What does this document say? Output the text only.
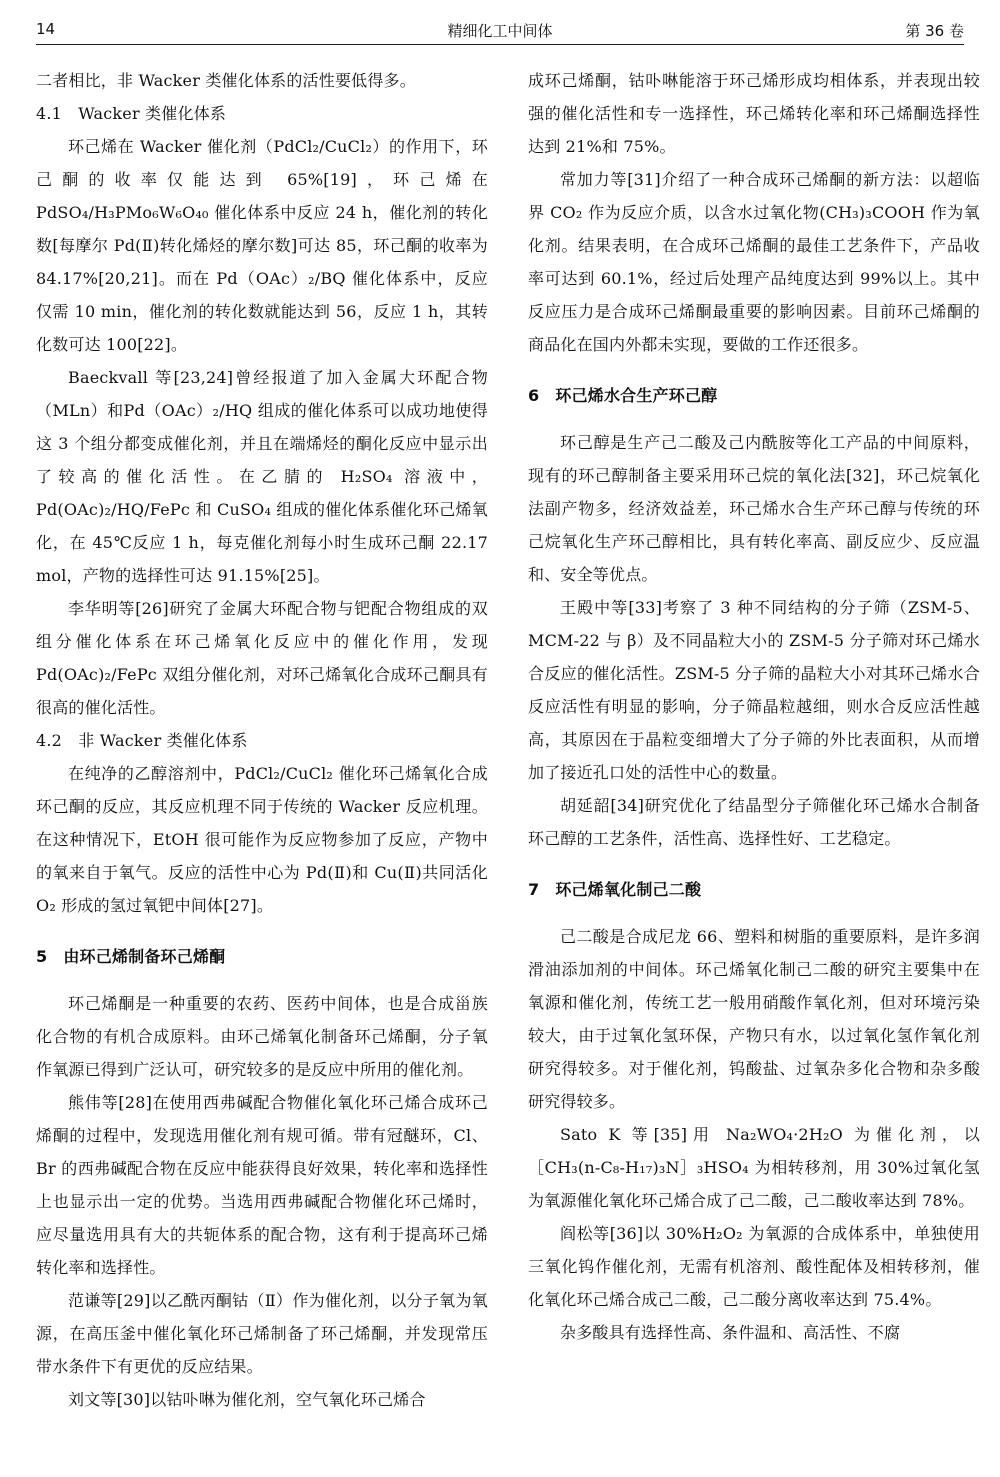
14	精细化工中间体	第 36 卷

二者相比，非 Wacker 类催化体系的活性要低得多。

4.1　Wacker 类催化体系

环己烯在 Wacker 催化剂（PdCl₂/CuCl₂）的作用下，环己酮的收率仅能达到 65%[19]，环己烯在 PdSO₄/H₃PMo₆W₆O₄₀ 催化体系中反应 24 h，催化剂的转化数[每摩尔 Pd(Ⅱ)转化烯烃的摩尔数]可达 85，环己酮的收率为 84.17%[20,21]。而在 Pd（OAc）₂/BQ 催化体系中，反应仅需 10 min，催化剂的转化数就能达到 56，反应 1 h，其转化数可达 100[22]。

Baeckvall 等[23,24]曾经报道了加入金属大环配合物（MLn）和Pd（OAc）₂/HQ 组成的催化体系可以成功地使得这 3 个组分都变成催化剂，并且在端烯烃的酮化反应中显示出了较高的催化活性。在乙腈的 H₂SO₄ 溶液中，Pd(OAc)₂/HQ/FePc 和 CuSO₄ 组成的催化体系催化环己烯氧化，在 45℃反应 1 h，每克催化剂每小时生成环己酮 22.17 mol，产物的选择性可达 91.15%[25]。

李华明等[26]研究了金属大环配合物与钯配合物组成的双组分催化体系在环己烯氧化反应中的催化作用，发现 Pd(OAc)₂/FePc 双组分催化剂，对环己烯氧化合成环己酮具有很高的催化活性。

4.2　非 Wacker 类催化体系

在纯净的乙醇溶剂中，PdCl₂/CuCl₂ 催化环己烯氧化合成环己酮的反应，其反应机理不同于传统的 Wacker 反应机理。在这种情况下，EtOH 很可能作为反应物参加了反应，产物中的氧来自于氧气。反应的活性中心为 Pd(Ⅱ)和 Cu(Ⅱ)共同活化 O₂ 形成的氢过氧钯中间体[27]。

5 由环己烯制备环己烯酮

环己烯酮是一种重要的农药、医药中间体，也是合成甾族化合物的有机合成原料。由环己烯氧化制备环己烯酮，分子氧作氧源已得到广泛认可，研究较多的是反应中所用的催化剂。

熊伟等[28]在使用西弗碱配合物催化氧化环己烯合成环己烯酮的过程中，发现选用催化剂有规可循。带有冠醚环，Cl、Br 的西弗碱配合物在反应中能获得良好效果，转化率和选择性上也显示出一定的优势。当选用西弗碱配合物催化环己烯时，应尽量选用具有大的共轭体系的配合物，这有利于提高环己烯转化率和选择性。

范谦等[29]以乙酰丙酮钴（Ⅱ）作为催化剂，以分子氧为氧源，在高压釜中催化氧化环己烯制备了环己烯酮，并发现常压带水条件下有更优的反应结果。

刘文等[30]以钴卟啉为催化剂，空气氧化环己烯合

成环己烯酮，钴卟啉能溶于环己烯形成均相体系，并表现出较强的催化活性和专一选择性，环己烯转化率和环己烯酮选择性达到 21%和 75%。

常加力等[31]介绍了一种合成环己烯酮的新方法：以超临界 CO₂ 作为反应介质，以含水过氧化物(CH₃)₃COOH 作为氧化剂。结果表明，在合成环己烯酮的最佳工艺条件下，产品收率可达到 60.1%，经过后处理产品纯度达到 99%以上。其中反应压力是合成环己烯酮最重要的影响因素。目前环己烯酮的商品化在国内外都未实现，要做的工作还很多。

6 环己烯水合生产环己醇

环己醇是生产己二酸及己内酰胺等化工产品的中间原料，现有的环己醇制备主要采用环己烷的氧化法[32]，环己烷氧化法副产物多，经济效益差，环己烯水合生产环己醇与传统的环己烷氧化生产环己醇相比，具有转化率高、副反应少、反应温和、安全等优点。

王殿中等[33]考察了 3 种不同结构的分子筛（ZSM-5、MCM-22 与 β）及不同晶粒大小的 ZSM-5 分子筛对环己烯水合反应的催化活性。ZSM-5 分子筛的晶粒大小对其环己烯水合反应活性有明显的影响，分子筛晶粒越细，则水合反应活性越高，其原因在于晶粒变细增大了分子筛的外比表面积，从而增加了接近孔口处的活性中心的数量。

胡延韶[34]研究优化了结晶型分子筛催化环己烯水合制备环己醇的工艺条件，活性高、选择性好、工艺稳定。

7 环己烯氧化制己二酸

己二酸是合成尼龙 66、塑料和树脂的重要原料，是许多润滑油添加剂的中间体。环己烯氧化制己二酸的研究主要集中在氧源和催化剂，传统工艺一般用硝酸作氧化剂，但对环境污染较大，由于过氧化氢环保，产物只有水，以过氧化氢作氧化剂研究得较多。对于催化剂，钨酸盐、过氧杂多化合物和杂多酸研究得较多。

Sato K 等[35]用 Na₂WO₄·2H₂O 为催化剂，以［CH₃(n-C₈-H₁₇)₃N］₃HSO₄ 为相转移剂，用 30%过氧化氢为氧源催化氧化环己烯合成了己二酸，己二酸收率达到 78%。

阎松等[36]以 30%H₂O₂ 为氧源的合成体系中，单独使用三氧化钨作催化剂，无需有机溶剂、酸性配体及相转移剂，催化氧化环己烯合成己二酸，己二酸分离收率达到 75.4%。

杂多酸具有选择性高、条件温和、高活性、不腐
